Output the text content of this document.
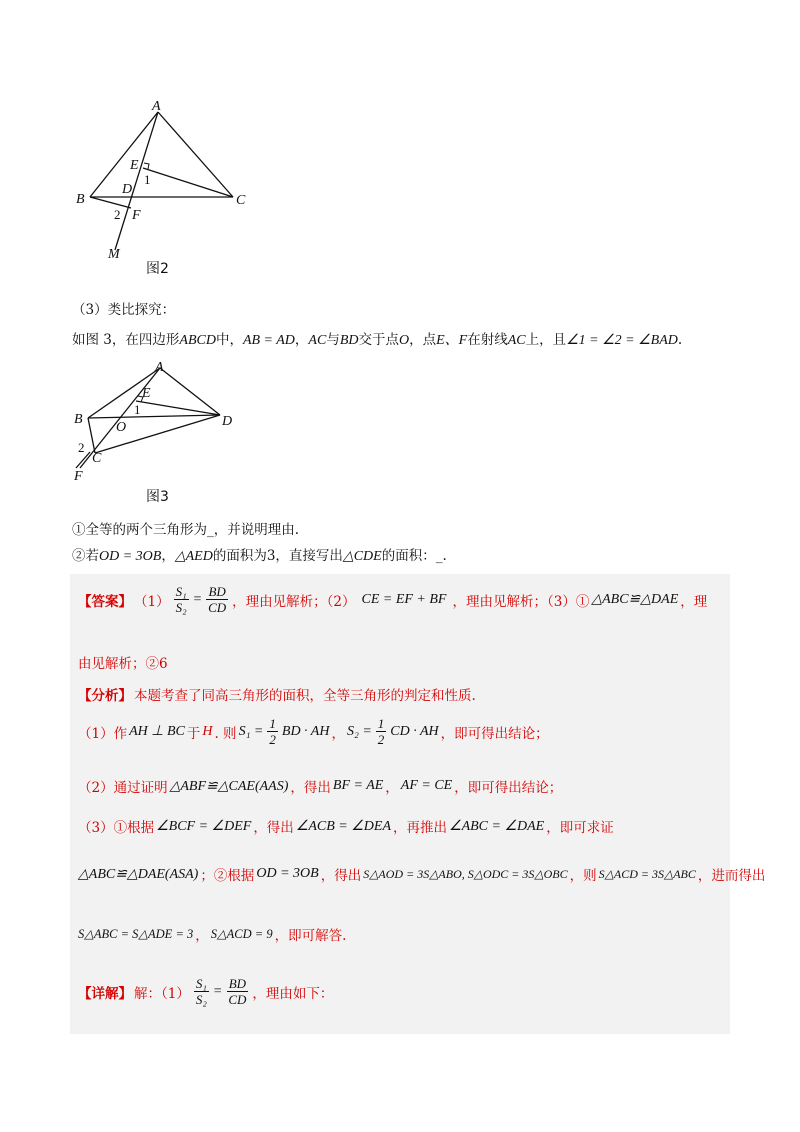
A
B	C
D
E
F
M
1
2
图2
（3）类比探究：
如图 3，在四边形ABCD中，AB = AD，AC与BD交于点O，点E、F在射线AC上，且∠1 = ∠2 = ∠BAD.
A
B
C
D
E
F
O
1
2
图3
①全等的两个三角形为_，并说明理由.
②若OD = 3OB，△AED的面积为3，直接写出△CDE的面积：_.
【答案】 $(1) \frac{\text{S₁}}{\text{S₂}} = \frac{BD}{CD}$ ，理由见解析；（2） CE = EF + BF ，理由见解析；（3）① △ABC≌△DAE ，理
由见解析；②6
【分析】 本题考查了同高三角形的面积，全等三角形的判定和性质.
（1）作 AH ⊥ BC 于 H . 则 $S_1 = \frac{1}{2}$ BD · AH ， $S_2 = \frac{1}{2}$ CD · AH ，即可得出结论；
（2）通过证明 △ABF≌△CAE(AAS) ，得出 BF = AE ， AF = CE ，即可得出结论；
（3）①根据 ∠BCF = ∠DEF ，得出 ∠ACB = ∠DEA ，再推出 ∠ABC = ∠DAE ，即可求证
△ABC≌△DAE(ASA) ；②根据 OD = 3OB ，得出 S△AOD = 3S△ABO, S△ODC = 3S△OBC ，则 S△ACD = 3S△ABC ，进而得出
S△ABC = S△ADE = 3 ， S△ACD = 9 ，即可解答.
【详解】 解：$(1) \frac{\text{S₁}}{\text{S₂}} = \frac{BD}{CD}$ ，理由如下：
